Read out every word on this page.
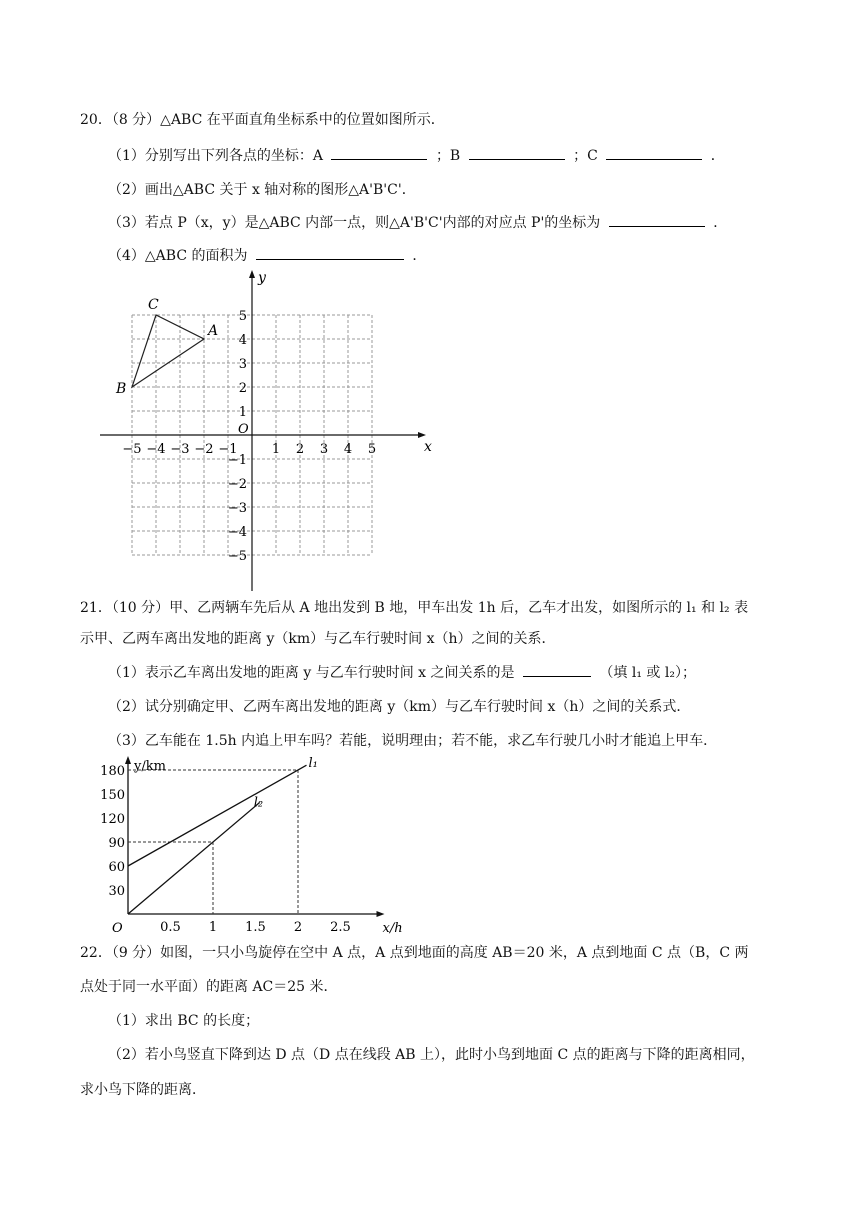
20．（8 分）△ABC 在平面直角坐标系中的位置如图所示．
（1）分别写出下列各点的坐标：A	；B	；C	．
（2）画出△ABC 关于 x 轴对称的图形△A'B'C'．
（3）若点 P（x，y）是△ABC 内部一点，则△A'B'C'内部的对应点 P'的坐标为	．
（4）△ABC 的面积为	．
−5 −4 −3 −2 −1	1 2 3 4 5
5
4
3
2
1
−1
−2
−3
−4
−5
A
B
C
x
y
O
21．（10 分）甲、乙两辆车先后从 A 地出发到 B 地，甲车出发 1h 后，乙车才出发，如图所示的 l₁ 和 l₂ 表
示甲、乙两车离出发地的距离 y（km）与乙车行驶时间 x（h）之间的关系．
（1）表示乙车离出发地的距离 y 与乙车行驶时间 x 之间关系的是	（填 l₁ 或 l₂）；
（2）试分别确定甲、乙两车离出发地的距离 y（km）与乙车行驶时间 x（h）之间的关系式．
（3）乙车能在 1.5h 内追上甲车吗？若能，说明理由；若不能，求乙车行驶几小时才能追上甲车．
180
150
120
90
60
30
0.5 1 1.5 2 2.5
y/km
x/h
O
l₁
l₂
22．（9 分）如图，一只小鸟旋停在空中 A 点，A 点到地面的高度 AB＝20 米，A 点到地面 C 点（B，C 两
点处于同一水平面）的距离 AC＝25 米．
（1）求出 BC 的长度；
（2）若小鸟竖直下降到达 D 点（D 点在线段 AB 上），此时小鸟到地面 C 点的距离与下降的距离相同，
求小鸟下降的距离．
